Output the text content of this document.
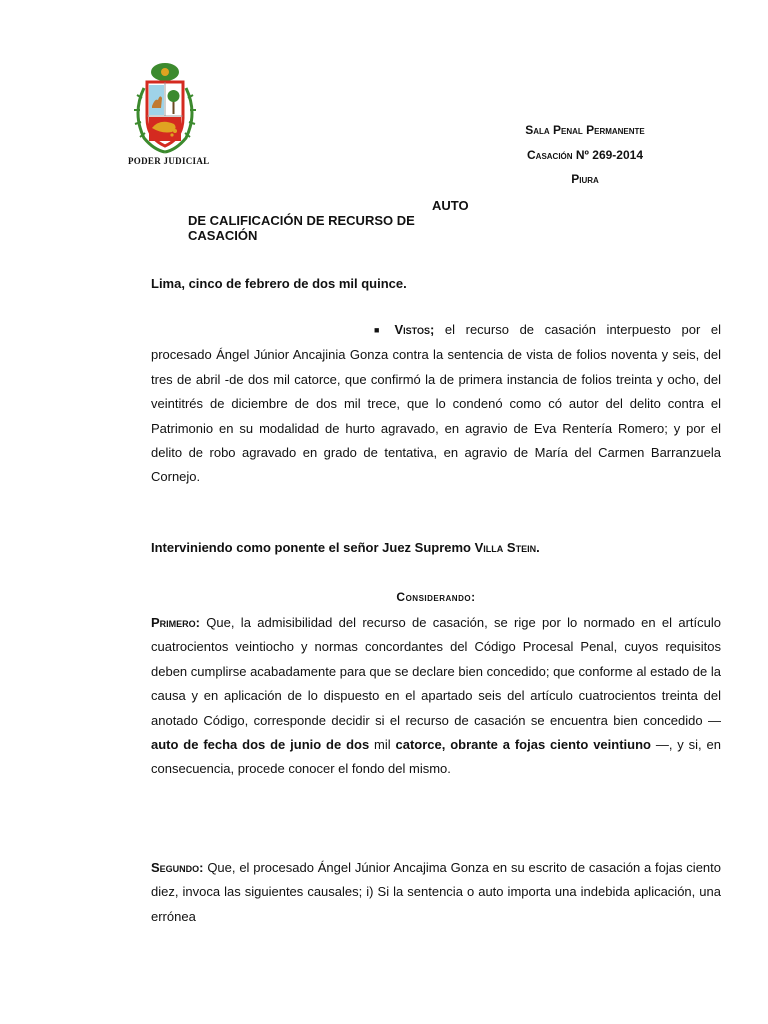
PODER JUDICIAL
Sala Penal Permanente
Casación Nº 269-2014
Piura
AUTO
DE CALIFICACIÓN DE RECURSO DE CASACIÓN
Lima, cinco de febrero de dos mil quince.
■ Vistos; el recurso de casación interpuesto por el procesado Ángel Júnior Ancajinia Gonza contra la sentencia de vista de folios noventa y seis, del tres de abril -de dos mil catorce, que confirmó la de primera instancia de folios treinta y ocho, del veintitrés de diciembre de dos mil trece, que lo condenó como có autor del delito contra el Patrimonio en su modalidad de hurto agravado, en agravio de Eva Rentería Romero; y por el delito de robo agravado en grado de tentativa, en agravio de María del Carmen Barranzuela Cornejo.
Interviniendo como ponente el señor Juez Supremo Villa Stein.
Considerando:
Primero: Que, la admisibilidad del recurso de casación, se rige por lo normado en el artículo cuatrocientos veintiocho y normas concordantes del Código Procesal Penal, cuyos requisitos deben cumplirse acabadamente para que se declare bien concedido; que conforme al estado de la causa y en aplicación de lo dispuesto en el apartado seis del artículo cuatrocientos treinta del anotado Código, corresponde decidir si el recurso de casación se encuentra bien concedido — auto de fecha dos de junio de dos mil catorce, obrante a fojas ciento veintiuno —, y si, en consecuencia, procede conocer el fondo del mismo.
Segundo: Que, el procesado Ángel Júnior Ancajima Gonza en su escrito de casación a fojas ciento diez, invoca las siguientes causales; i) Si la sentencia o auto importa una indebida aplicación, una errónea
